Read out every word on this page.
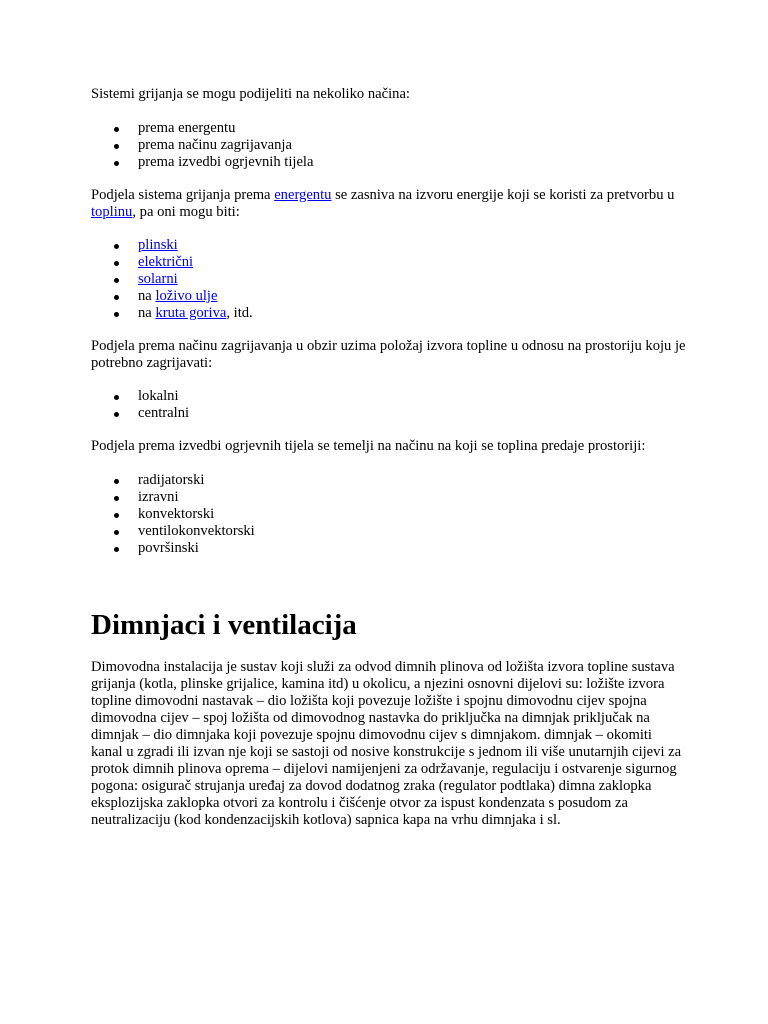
Sistemi grijanja se mogu podijeliti na nekoliko načina:

prema energentu
prema načinu zagrijavanja
prema izvedbi ogrjevnih tijela

Podjela sistema grijanja prema energentu se zasniva na izvoru energije koji se koristi za pretvorbu u toplinu, pa oni mogu biti:

plinski
električni
solarni
na loživo ulje
na kruta goriva, itd.

Podjela prema načinu zagrijavanja u obzir uzima položaj izvora topline u odnosu na prostoriju koju je potrebno zagrijavati:

lokalni
centralni

Podjela prema izvedbi ogrjevnih tijela se temelji na načinu na koji se toplina predaje prostoriji:

radijatorski
izravni
konvektorski
ventilokonvektorski
površinski
Dimnjaci i ventilacija

Dimovodna instalacija je sustav koji služi za odvod dimnih plinova od ložišta izvora topline sustava grijanja (kotla, plinske grijalice, kamina itd) u okolicu, a njezini osnovni dijelovi su: ložište izvora topline dimovodni nastavak – dio ložišta koji povezuje ložište i spojnu dimovodnu cijev spojna dimovodna cijev – spoj ložišta od dimovodnog nastavka do priključka na dimnjak priključak na dimnjak – dio dimnjaka koji povezuje spojnu dimovodnu cijev s dimnjakom. dimnjak – okomiti kanal u zgradi ili izvan nje koji se sastoji od nosive konstrukcije s jednom ili više unutarnjih cijevi za protok dimnih plinova oprema – dijelovi namijenjeni za održavanje, regulaciju i ostvarenje sigurnog pogona: osigurač strujanja uređaj za dovod dodatnog zraka (regulator podtlaka) dimna zaklopka eksplozijska zaklopka otvori za kontrolu i čišćenje otvor za ispust kondenzata s posudom za neutralizaciju (kod kondenzacijskih kotlova) sapnica kapa na vrhu dimnjaka i sl.
